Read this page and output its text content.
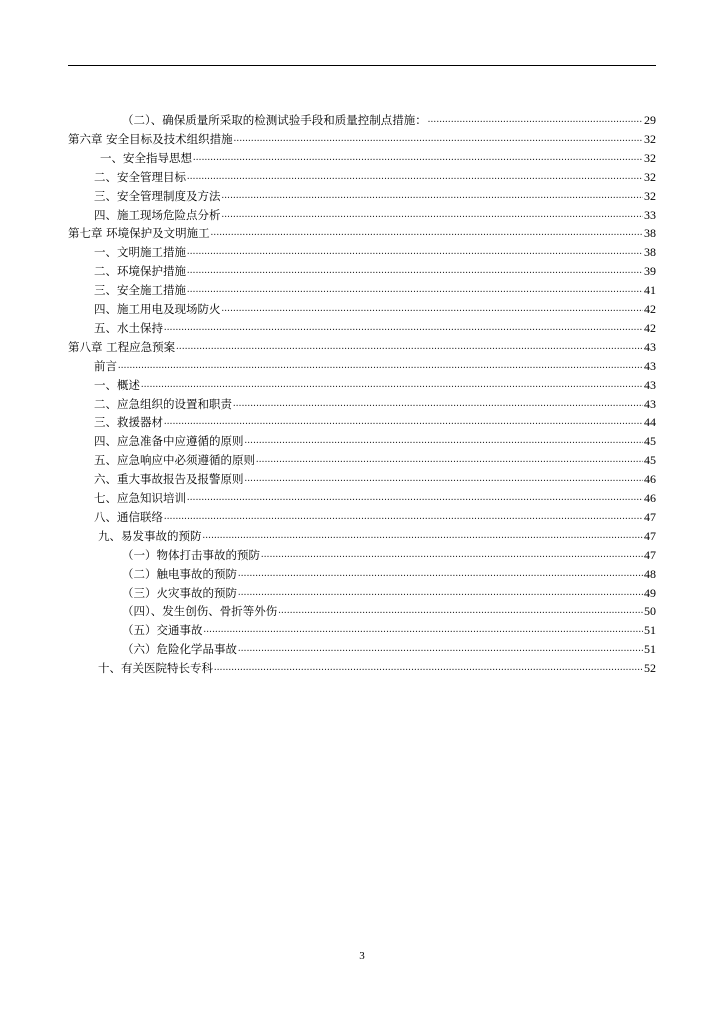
（二）、确保质量所采取的检测试验手段和质量控制点措施： .....	29
第六章 安全目标及技术组织措施 .....	32
一、安全指导思想 .....	32
二、安全管理目标 .....	32
三、安全管理制度及方法 .....	32
四、施工现场危险点分析 .....	33
第七章 环境保护及文明施工 .....	38
一、文明施工措施 .....	38
二、环境保护措施 .....	39
三、安全施工措施 .....	41
四、施工用电及现场防火 .....	42
五、水土保持 .....	42
第八章 工程应急预案 .....	43
前言 .....	43
一、概述 .....	43
二、应急组织的设置和职责 .....	43
三、救援器材 .....	44
四、应急准备中应遵循的原则 .....	45
五、应急响应中必须遵循的原则 .....	45
六、重大事故报告及报警原则 .....	46
七、应急知识培训 .....	46
八、通信联络 .....	47
九、易发事故的预防 .....	47
（一）物体打击事故的预防 .....	47
（二）触电事故的预防 .....	48
（三）火灾事故的预防 .....	49
（四）、发生创伤、骨折等外伤 .....	50
（五）交通事故 .....	51
（六）危险化学品事故 .....	51
十、有关医院特长专科 .....	52
3
